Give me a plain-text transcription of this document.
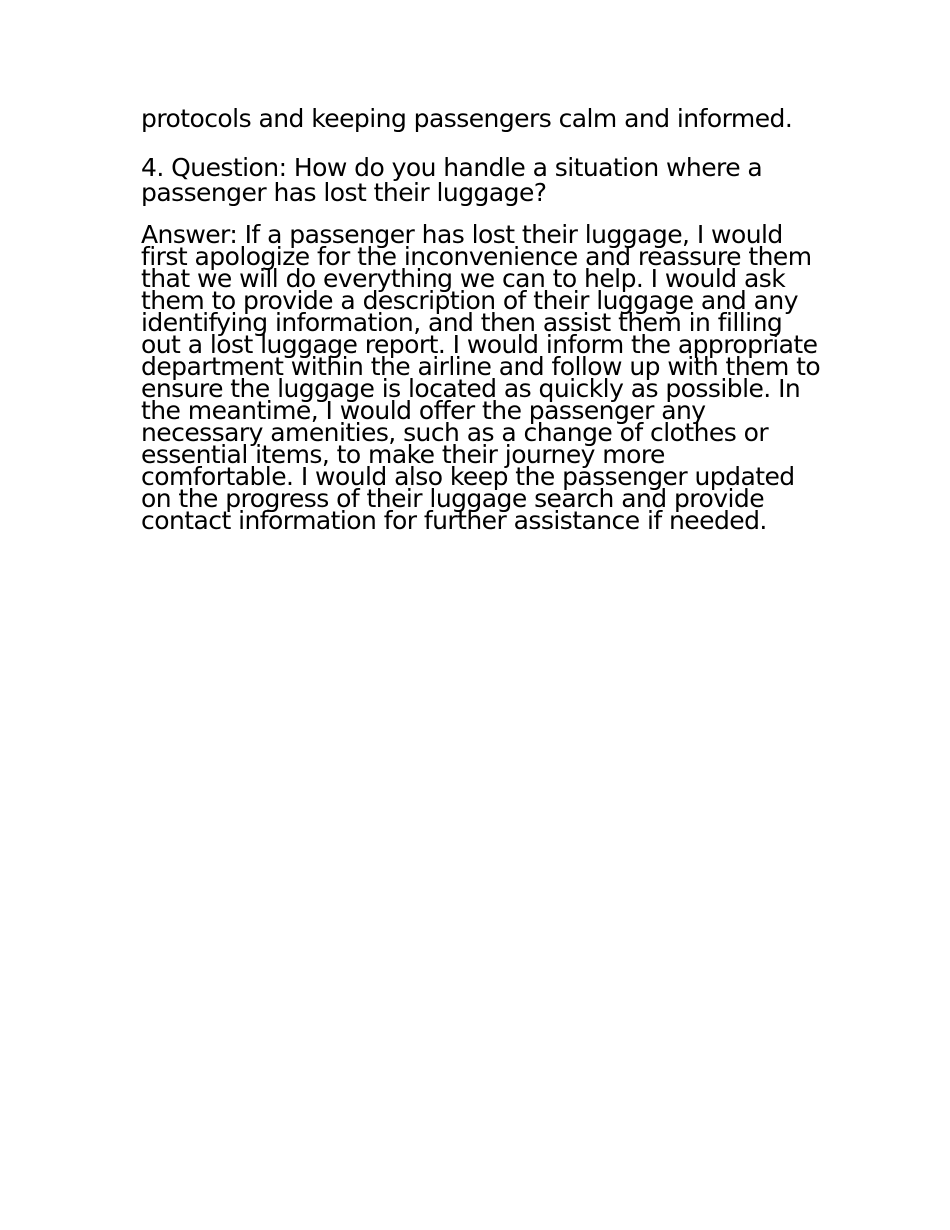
protocols and keeping passengers calm and informed.

4. Question: How do you handle a situation where a passenger has lost their luggage?

Answer: If a passenger has lost their luggage, I would first apologize for the inconvenience and reassure them that we will do everything we can to help. I would ask them to provide a description of their luggage and any identifying information, and then assist them in filling out a lost luggage report. I would inform the appropriate department within the airline and follow up with them to ensure the luggage is located as quickly as possible. In the meantime, I would offer the passenger any necessary amenities, such as a change of clothes or essential items, to make their journey more comfortable. I would also keep the passenger updated on the progress of their luggage search and provide contact information for further assistance if needed.
